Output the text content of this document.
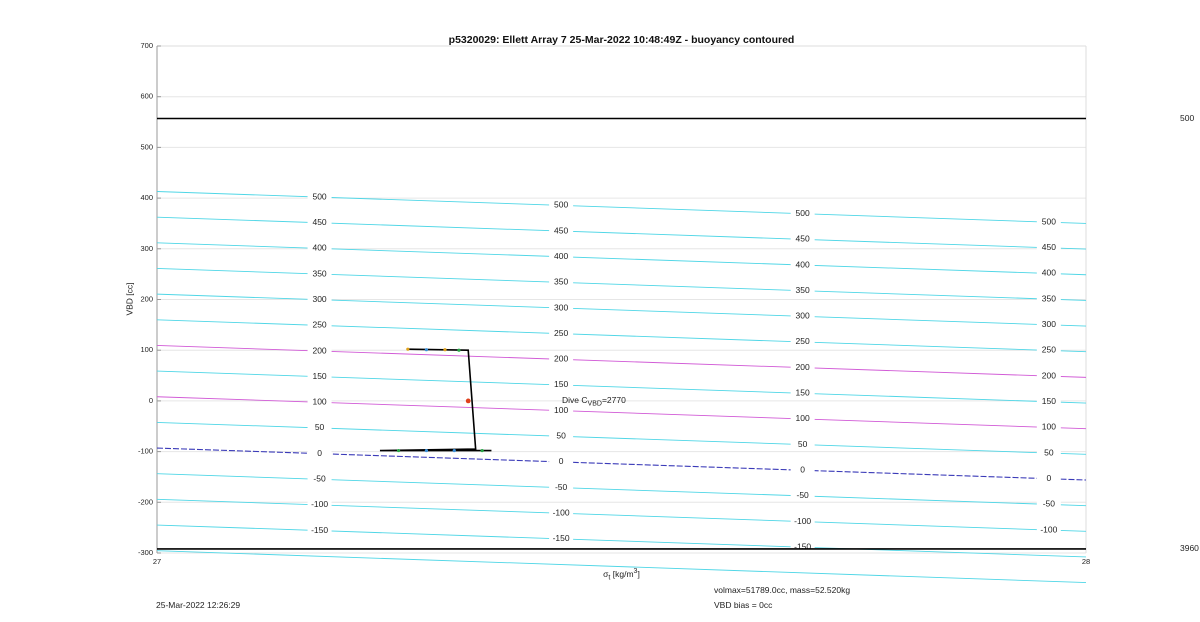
700
600
500
400
300
200
100
0
-100
-200
-300
500
500
500
500
450
450
450
450
400
400
400
400
350
350
350
350
300
300
300
300
250
250
250
250
200
200
200
200
150
150
150
150
100
100
100
100
50
50
50
50
0
0
0
0
-50
-50
-50
-50
-100
-100
-100
-100
-150
-150
-150
500
3960
27	28
p5320029: Ellett Array 7 25-Mar-2022 10:48:49Z - buoyancy contoured
$\sigma_t$ $[kg/m^3]$
VBD [cc]
Dive $C_{VBD}=2770$
25-Mar-2022 12:26:29
volmax=51789.0cc, mass=52.520kg
VBD bias = 0cc
